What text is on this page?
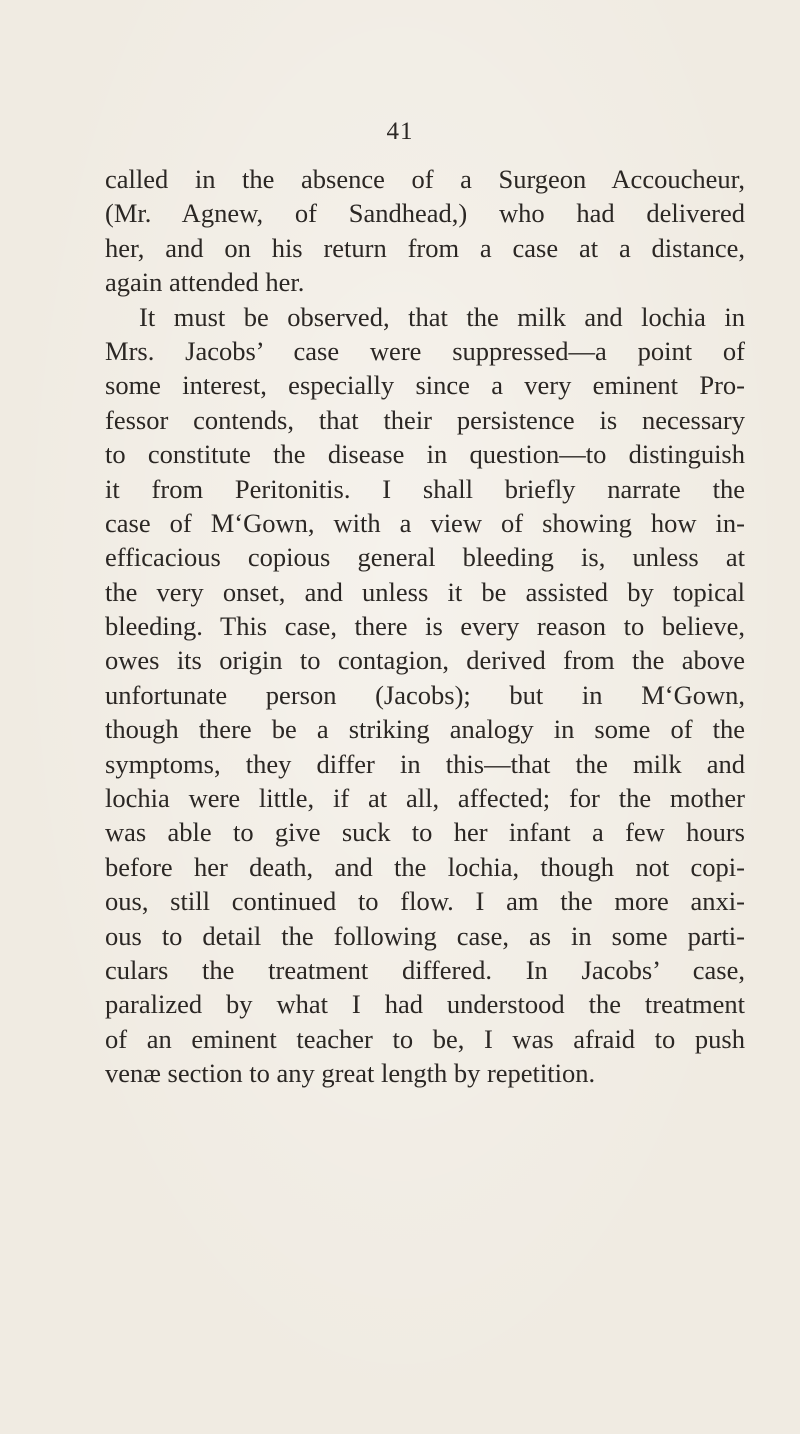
41
called in the absence of a Surgeon Accoucheur,
(Mr. Agnew, of Sandhead,) who had delivered
her, and on his return from a case at a distance,
again attended her.
It must be observed, that the milk and lochia in
Mrs. Jacobs’ case were suppressed—a point of
some interest, especially since a very eminent Pro-
fessor contends, that their persistence is necessary
to constitute the disease in question—to distinguish
it from Peritonitis. I shall briefly narrate the
case of M‘Gown, with a view of showing how in-
efficacious copious general bleeding is, unless at
the very onset, and unless it be assisted by topical
bleeding. This case, there is every reason to believe,
owes its origin to contagion, derived from the above
unfortunate person (Jacobs); but in M‘Gown,
though there be a striking analogy in some of the
symptoms, they differ in this—that the milk and
lochia were little, if at all, affected; for the mother
was able to give suck to her infant a few hours
before her death, and the lochia, though not copi-
ous, still continued to flow. I am the more anxi-
ous to detail the following case, as in some parti-
culars the treatment differed. In Jacobs’ case,
paralized by what I had understood the treatment
of an eminent teacher to be, I was afraid to push
venæ section to any great length by repetition.
